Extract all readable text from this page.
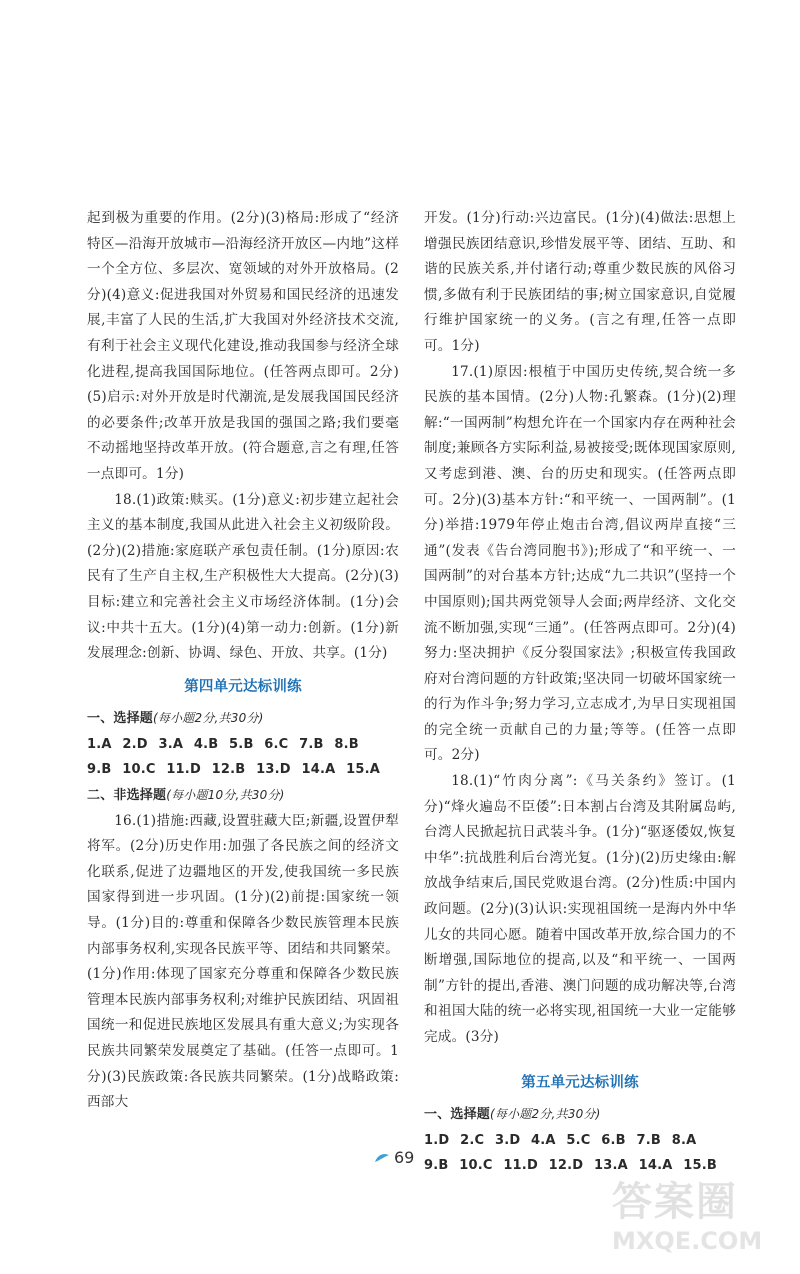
起到极为重要的作用。(2分)(3)格局:形成了“经济特区—沿海开放城市—沿海经济开放区—内地”这样一个全方位、多层次、宽领域的对外开放格局。(2分)(4)意义:促进我国对外贸易和国民经济的迅速发展,丰富了人民的生活,扩大我国对外经济技术交流,有利于社会主义现代化建设,推动我国参与经济全球化进程,提高我国国际地位。(任答两点即可。2分)(5)启示:对外开放是时代潮流,是发展我国国民经济的必要条件;改革开放是我国的强国之路;我们要毫不动摇地坚持改革开放。(符合题意,言之有理,任答一点即可。1分)

18.(1)政策:赎买。(1分)意义:初步建立起社会主义的基本制度,我国从此进入社会主义初级阶段。(2分)(2)措施:家庭联产承包责任制。(1分)原因:农民有了生产自主权,生产积极性大大提高。(2分)(3)目标:建立和完善社会主义市场经济体制。(1分)会议:中共十五大。(1分)(4)第一动力:创新。(1分)新发展理念:创新、协调、绿色、开放、共享。(1分)

第四单元达标训练
一、选择题(每小题2分,共30分)
1.A 2.D 3.A 4.B 5.B 6.C 7.B 8.B
9.B 10.C 11.D 12.B 13.D 14.A 15.A
二、非选择题(每小题10分,共30分)

16.(1)措施:西藏,设置驻藏大臣;新疆,设置伊犁将军。(2分)历史作用:加强了各民族之间的经济文化联系,促进了边疆地区的开发,使我国统一多民族国家得到进一步巩固。(1分)(2)前提:国家统一领导。(1分)目的:尊重和保障各少数民族管理本民族内部事务权利,实现各民族平等、团结和共同繁荣。(1分)作用:体现了国家充分尊重和保障各少数民族管理本民族内部事务权利;对维护民族团结、巩固祖国统一和促进民族地区发展具有重大意义;为实现各民族共同繁荣发展奠定了基础。(任答一点即可。1分)(3)民族政策:各民族共同繁荣。(1分)战略政策:西部大

开发。(1分)行动:兴边富民。(1分)(4)做法:思想上增强民族团结意识,珍惜发展平等、团结、互助、和谐的民族关系,并付诸行动;尊重少数民族的风俗习惯,多做有利于民族团结的事;树立国家意识,自觉履行维护国家统一的义务。(言之有理,任答一点即可。1分)

17.(1)原因:根植于中国历史传统,契合统一多民族的基本国情。(2分)人物:孔繁森。(1分)(2)理解:“一国两制”构想允许在一个国家内存在两种社会制度;兼顾各方实际利益,易被接受;既体现国家原则,又考虑到港、澳、台的历史和现实。(任答两点即可。2分)(3)基本方针:“和平统一、一国两制”。(1分)举措:1979年停止炮击台湾,倡议两岸直接“三通”(发表《告台湾同胞书》);形成了“和平统一、一国两制”的对台基本方针;达成“九二共识”(坚持一个中国原则);国共两党领导人会面;两岸经济、文化交流不断加强,实现“三通”。(任答两点即可。2分)(4)努力:坚决拥护《反分裂国家法》;积极宣传我国政府对台湾问题的方针政策;坚决同一切破坏国家统一的行为作斗争;努力学习,立志成才,为早日实现祖国的完全统一贡献自己的力量;等等。(任答一点即可。2分)

18.(1)“竹肉分离”:《马关条约》签订。(1分)“烽火遍岛不臣倭”:日本割占台湾及其附属岛屿,台湾人民掀起抗日武装斗争。(1分)“驱逐倭奴,恢复中华”:抗战胜利后台湾光复。(1分)(2)历史缘由:解放战争结束后,国民党败退台湾。(2分)性质:中国内政问题。(2分)(3)认识:实现祖国统一是海内外中华儿女的共同心愿。随着中国改革开放,综合国力的不断增强,国际地位的提高,以及“和平统一、一国两制”方针的提出,香港、澳门问题的成功解决等,台湾和祖国大陆的统一必将实现,祖国统一大业一定能够完成。(3分)

第五单元达标训练
一、选择题(每小题2分,共30分)
1.D 2.C 3.D 4.A 5.C 6.B 7.B 8.A
9.B 10.C 11.D 12.D 13.A 14.A 15.B
69
答案圈
MXQE.COM
